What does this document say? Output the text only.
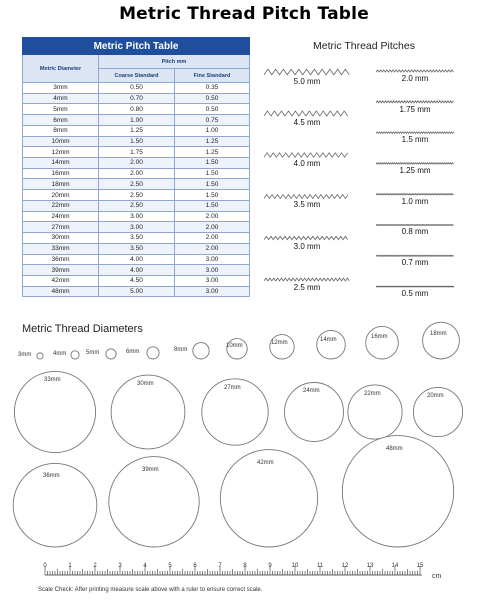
Metric Thread Pitch Table
Metric Pitch Table		
Metric Diameter	Pitch mm	
	Coarse Standard	Fine Standard
3mm	0.50	0.35
4mm	0.70	0.50
5mm	0.80	0.50
6mm	1.00	0.75
8mm	1.25	1.00
10mm	1.50	1.25
12mm	1.75	1.25
14mm	2.00	1.50
16mm	2.00	1.50
18mm	2.50	1.50
20mm	2.50	1.50
22mm	2.50	1.50
24mm	3.00	2.00
27mm	3.00	2.00
30mm	3.50	2.00
33mm	3.50	2.00
36mm	4.00	3.00
39mm	4.00	3.00
42mm	4.50	3.00
48mm	5.00	3.00
Metric Thread Pitches
5.0 mm
4.5 mm
4.0 mm
3.5 mm
3.0 mm
2.5 mm
2.0 mm
1.75 mm
1.5 mm
1.25 mm
1.0 mm
0.8 mm
0.7 mm
0.5 mm
Metric Thread Diameters
3mm	4mm	5mm	6mm	8mm
10mm
12mm
14mm
16mm
18mm
33mm
30mm
27mm
24mm	22mm	20mm
36mm
39mm
42mm
48mm
0	1	2	3	4	5	6	7	8	9	10	11	12	13	14	15
cm
Scale Check: After printing measure scale above with a ruler to ensure correct scale.
